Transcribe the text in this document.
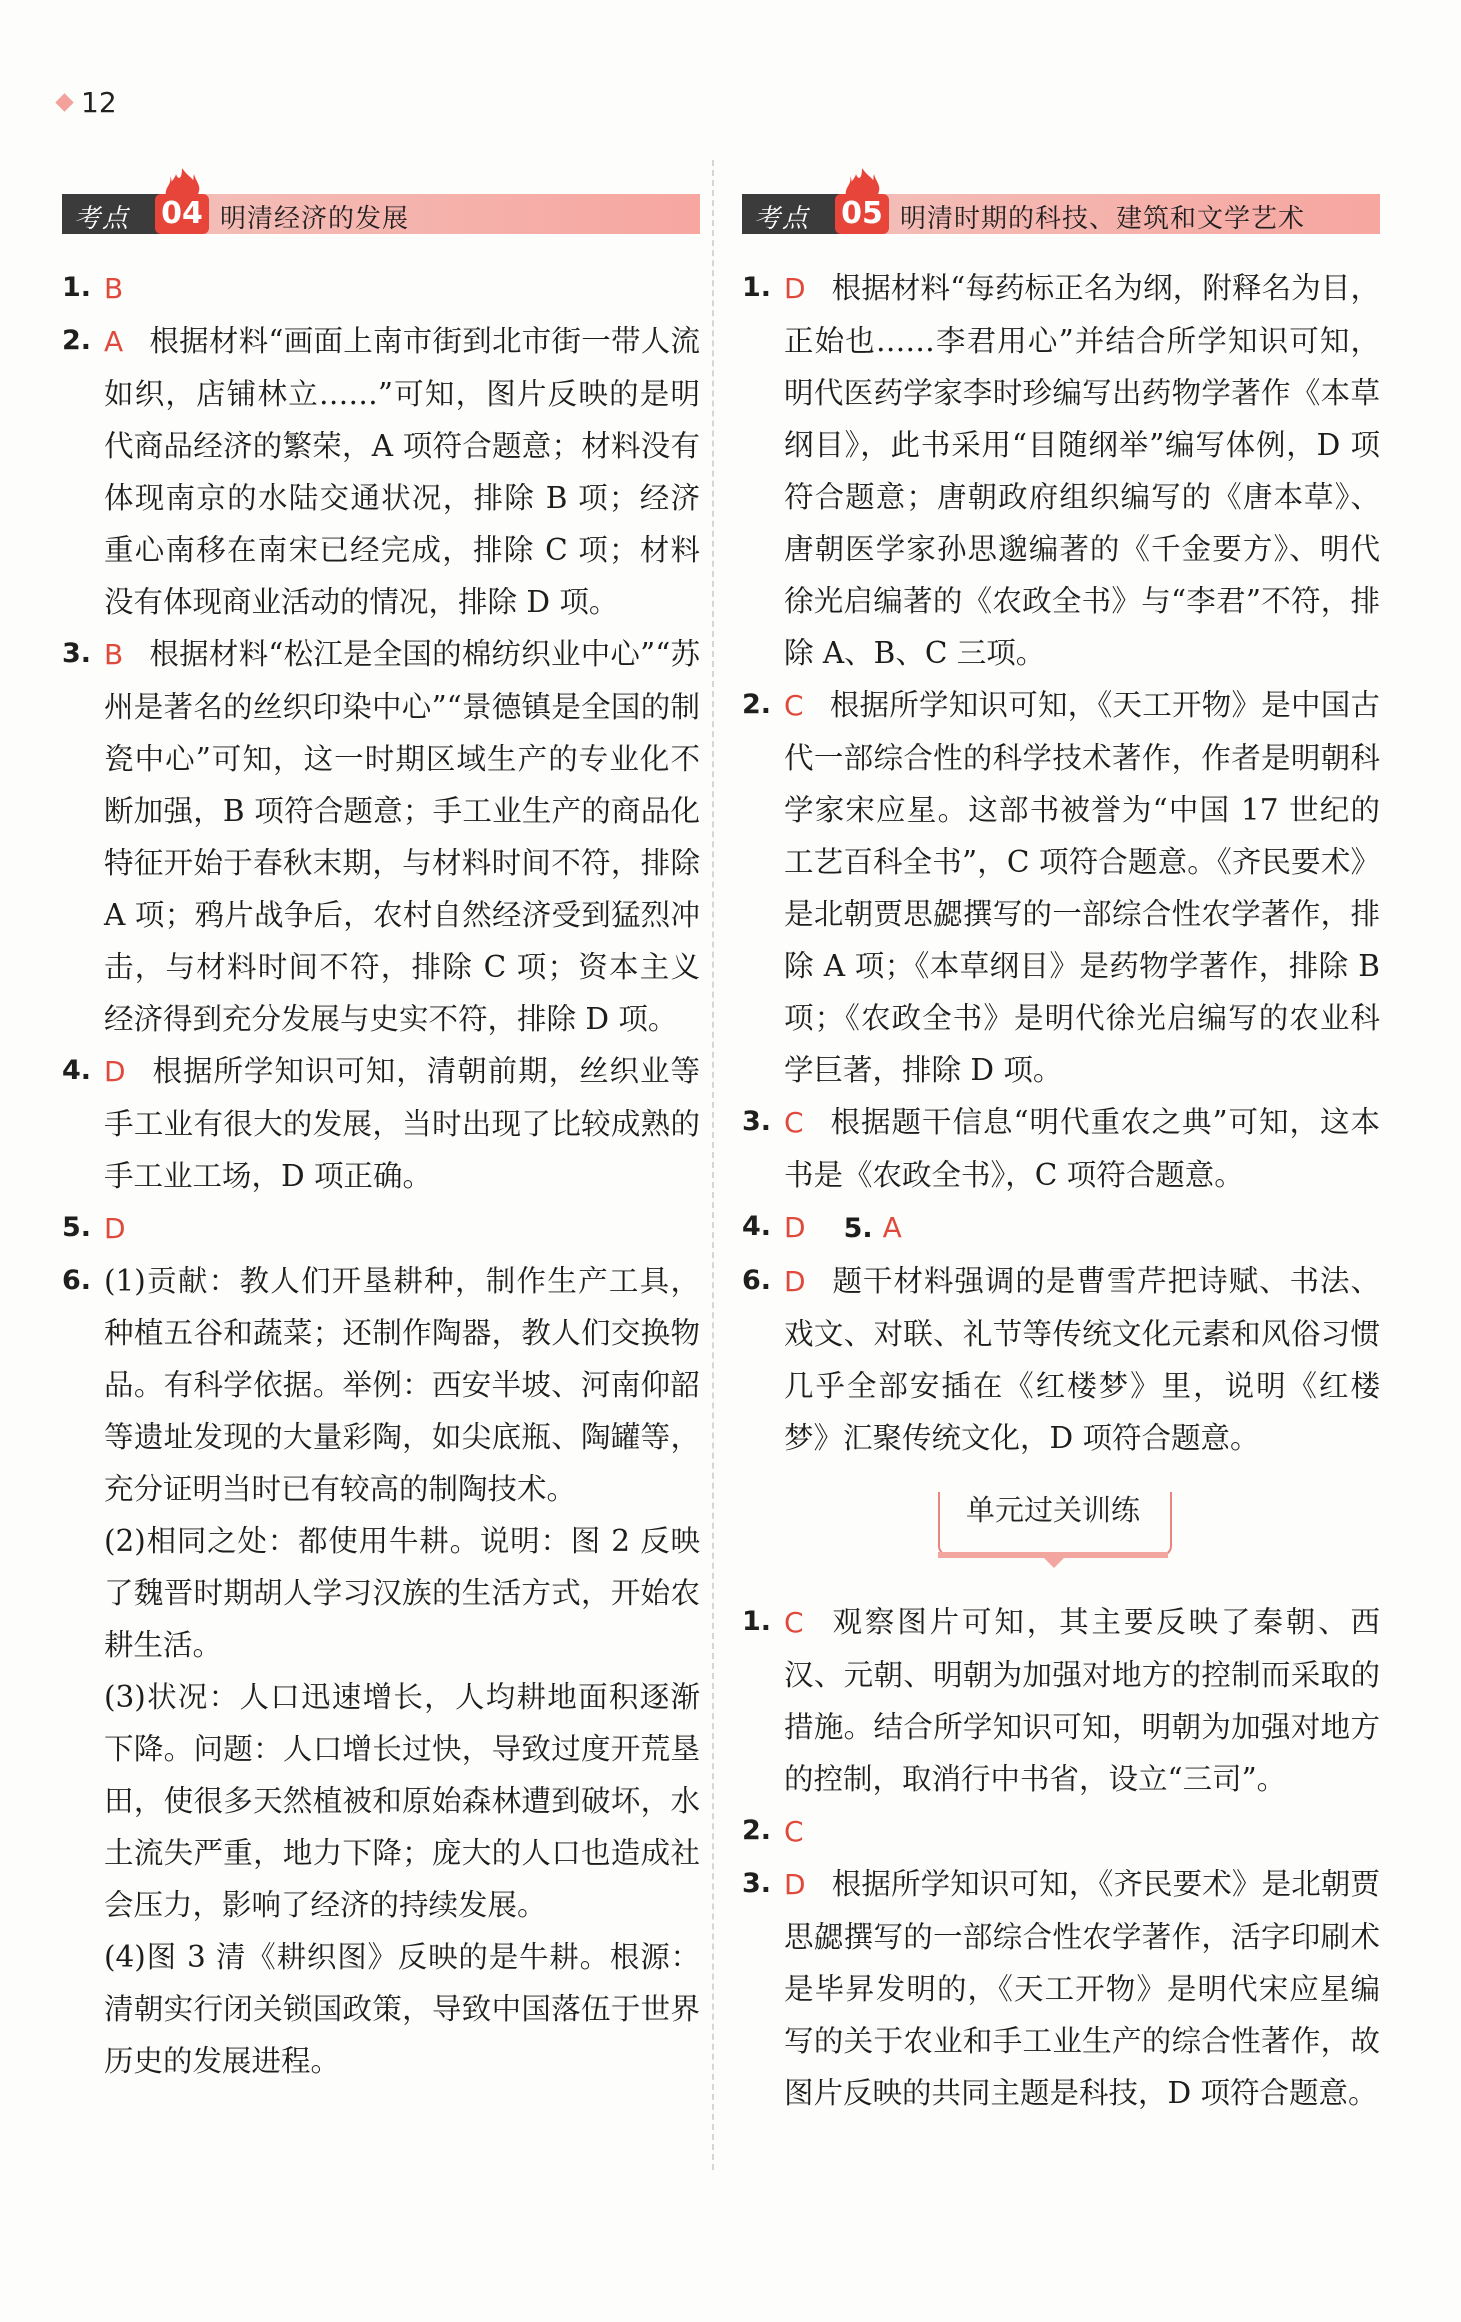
12
考点 04 明清经济的发展
1. B
2. A 根据材料“画面上南市街到北市街一带人流如织，店铺林立……”可知，图片反映的是明代商品经济的繁荣，A 项符合题意；材料没有体现南京的水陆交通状况，排除 B 项；经济重心南移在南宋已经完成，排除 C 项；材料没有体现商业活动的情况，排除 D 项。
3. B 根据材料“松江是全国的棉纺织业中心”“苏州是著名的丝织印染中心”“景德镇是全国的制瓷中心”可知，这一时期区域生产的专业化不断加强，B 项符合题意；手工业生产的商品化特征开始于春秋末期，与材料时间不符，排除 A 项；鸦片战争后，农村自然经济受到猛烈冲击，与材料时间不符，排除 C 项；资本主义经济得到充分发展与史实不符，排除 D 项。
4. D 根据所学知识可知，清朝前期，丝织业等手工业有很大的发展，当时出现了比较成熟的手工业工场，D 项正确。
5. D
6. (1)贡献：教人们开垦耕种，制作生产工具，种植五谷和蔬菜；还制作陶器，教人们交换物品。有科学依据。举例：西安半坡、河南仰韶等遗址发现的大量彩陶，如尖底瓶、陶罐等，充分证明当时已有较高的制陶技术。
(2)相同之处：都使用牛耕。说明：图 2 反映了魏晋时期胡人学习汉族的生活方式，开始农耕生活。
(3)状况：人口迅速增长，人均耕地面积逐渐下降。问题：人口增长过快，导致过度开荒垦田，使很多天然植被和原始森林遭到破坏，水土流失严重，地力下降；庞大的人口也造成社会压力，影响了经济的持续发展。
(4)图 3 清《耕织图》反映的是牛耕。根源：清朝实行闭关锁国政策，导致中国落伍于世界历史的发展进程。
考点 05 明清时期的科技、建筑和文学艺术
1. D 根据材料“每药标正名为纲，附释名为目，正始也……李君用心”并结合所学知识可知，明代医药学家李时珍编写出药物学著作《本草纲目》，此书采用“目随纲举”编写体例，D 项符合题意；唐朝政府组织编写的《唐本草》、唐朝医学家孙思邈编著的《千金要方》、明代徐光启编著的《农政全书》与“李君”不符，排除 A、B、C 三项。
2. C 根据所学知识可知，《天工开物》是中国古代一部综合性的科学技术著作，作者是明朝科学家宋应星。这部书被誉为“中国 17 世纪的工艺百科全书”，C 项符合题意。《齐民要术》是北朝贾思勰撰写的一部综合性农学著作，排除 A 项；《本草纲目》是药物学著作，排除 B 项；《农政全书》是明代徐光启编写的农业科学巨著，排除 D 项。
3. C 根据题干信息“明代重农之典”可知，这本书是《农政全书》，C 项符合题意。
4. D 5. A
6. D 题干材料强调的是曹雪芹把诗赋、书法、戏文、对联、礼节等传统文化元素和风俗习惯几乎全部安插在《红楼梦》里，说明《红楼梦》汇聚传统文化，D 项符合题意。
单元过关训练
1. C 观察图片可知，其主要反映了秦朝、西汉、元朝、明朝为加强对地方的控制而采取的措施。结合所学知识可知，明朝为加强对地方的控制，取消行中书省，设立“三司”。
2. C
3. D 根据所学知识可知，《齐民要术》是北朝贾思勰撰写的一部综合性农学著作，活字印刷术是毕昇发明的，《天工开物》是明代宋应星编写的关于农业和手工业生产的综合性著作，故图片反映的共同主题是科技，D 项符合题意。
